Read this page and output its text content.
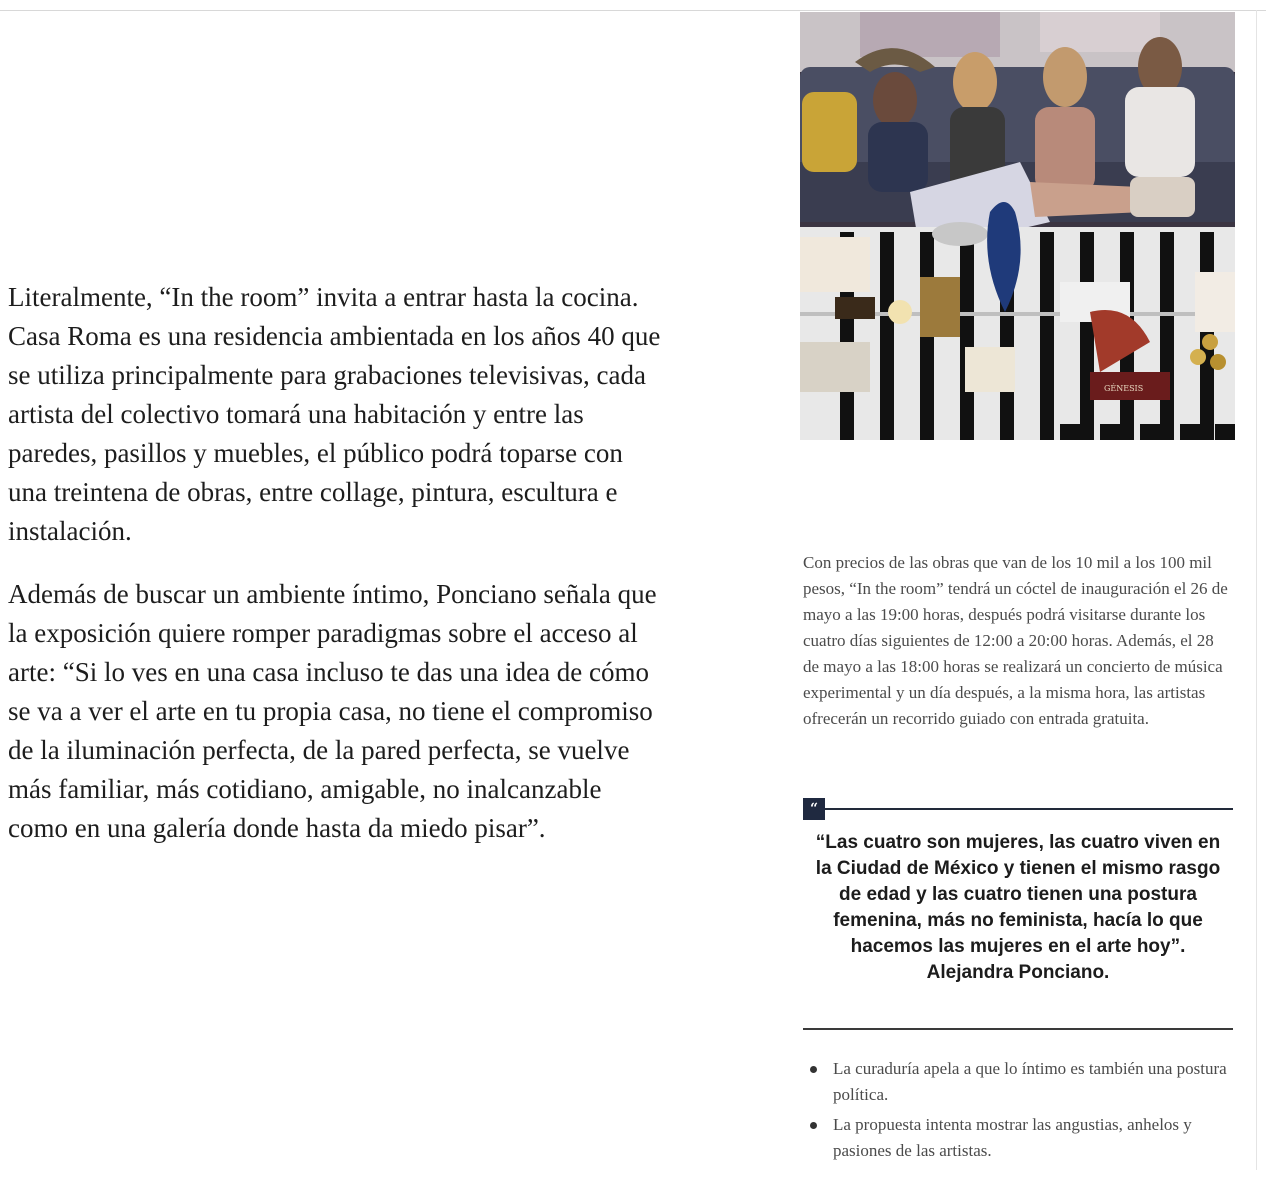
Literalmente, “In the room” invita a entrar hasta la cocina. Casa Roma es una residencia ambientada en los años 40 que se utiliza principalmente para grabaciones televisivas, cada artista del colectivo tomará una habitación y entre las paredes, pasillos y muebles, el público podrá toparse con una treintena de obras, entre collage, pintura, escultura e instalación.

Además de buscar un ambiente íntimo, Ponciano señala que la exposición quiere romper paradigmas sobre el acceso al arte: “Si lo ves en una casa incluso te das una idea de cómo se va a ver el arte en tu propia casa, no tiene el compromiso de la iluminación perfecta, de la pared perfecta, se vuelve más familiar, más cotidiano, amigable, no inalcanzable como en una galería donde hasta da miedo pisar”.

GÉNESIS
Con precios de las obras que van de los 10 mil a los 100 mil pesos, “In the room” tendrá un cóctel de inauguración el 26 de mayo a las 19:00 horas, después podrá visitarse durante los cuatro días siguientes de 12:00 a 20:00 horas. Además, el 28 de mayo a las 18:00 horas se realizará un concierto de música experimental y un día después, a la misma hora, las artistas ofrecerán un recorrido guiado con entrada gratuita.
“
“Las cuatro son mujeres, las cuatro viven en la Ciudad de México y tienen el mismo rasgo de edad y las cuatro tienen una postura femenina, más no feminista, hacía lo que hacemos las mujeres en el arte hoy”. Alejandra Ponciano.
La curaduría apela a que lo íntimo es también una postura política.
La propuesta intenta mostrar las angustias, anhelos y pasiones de las artistas.
